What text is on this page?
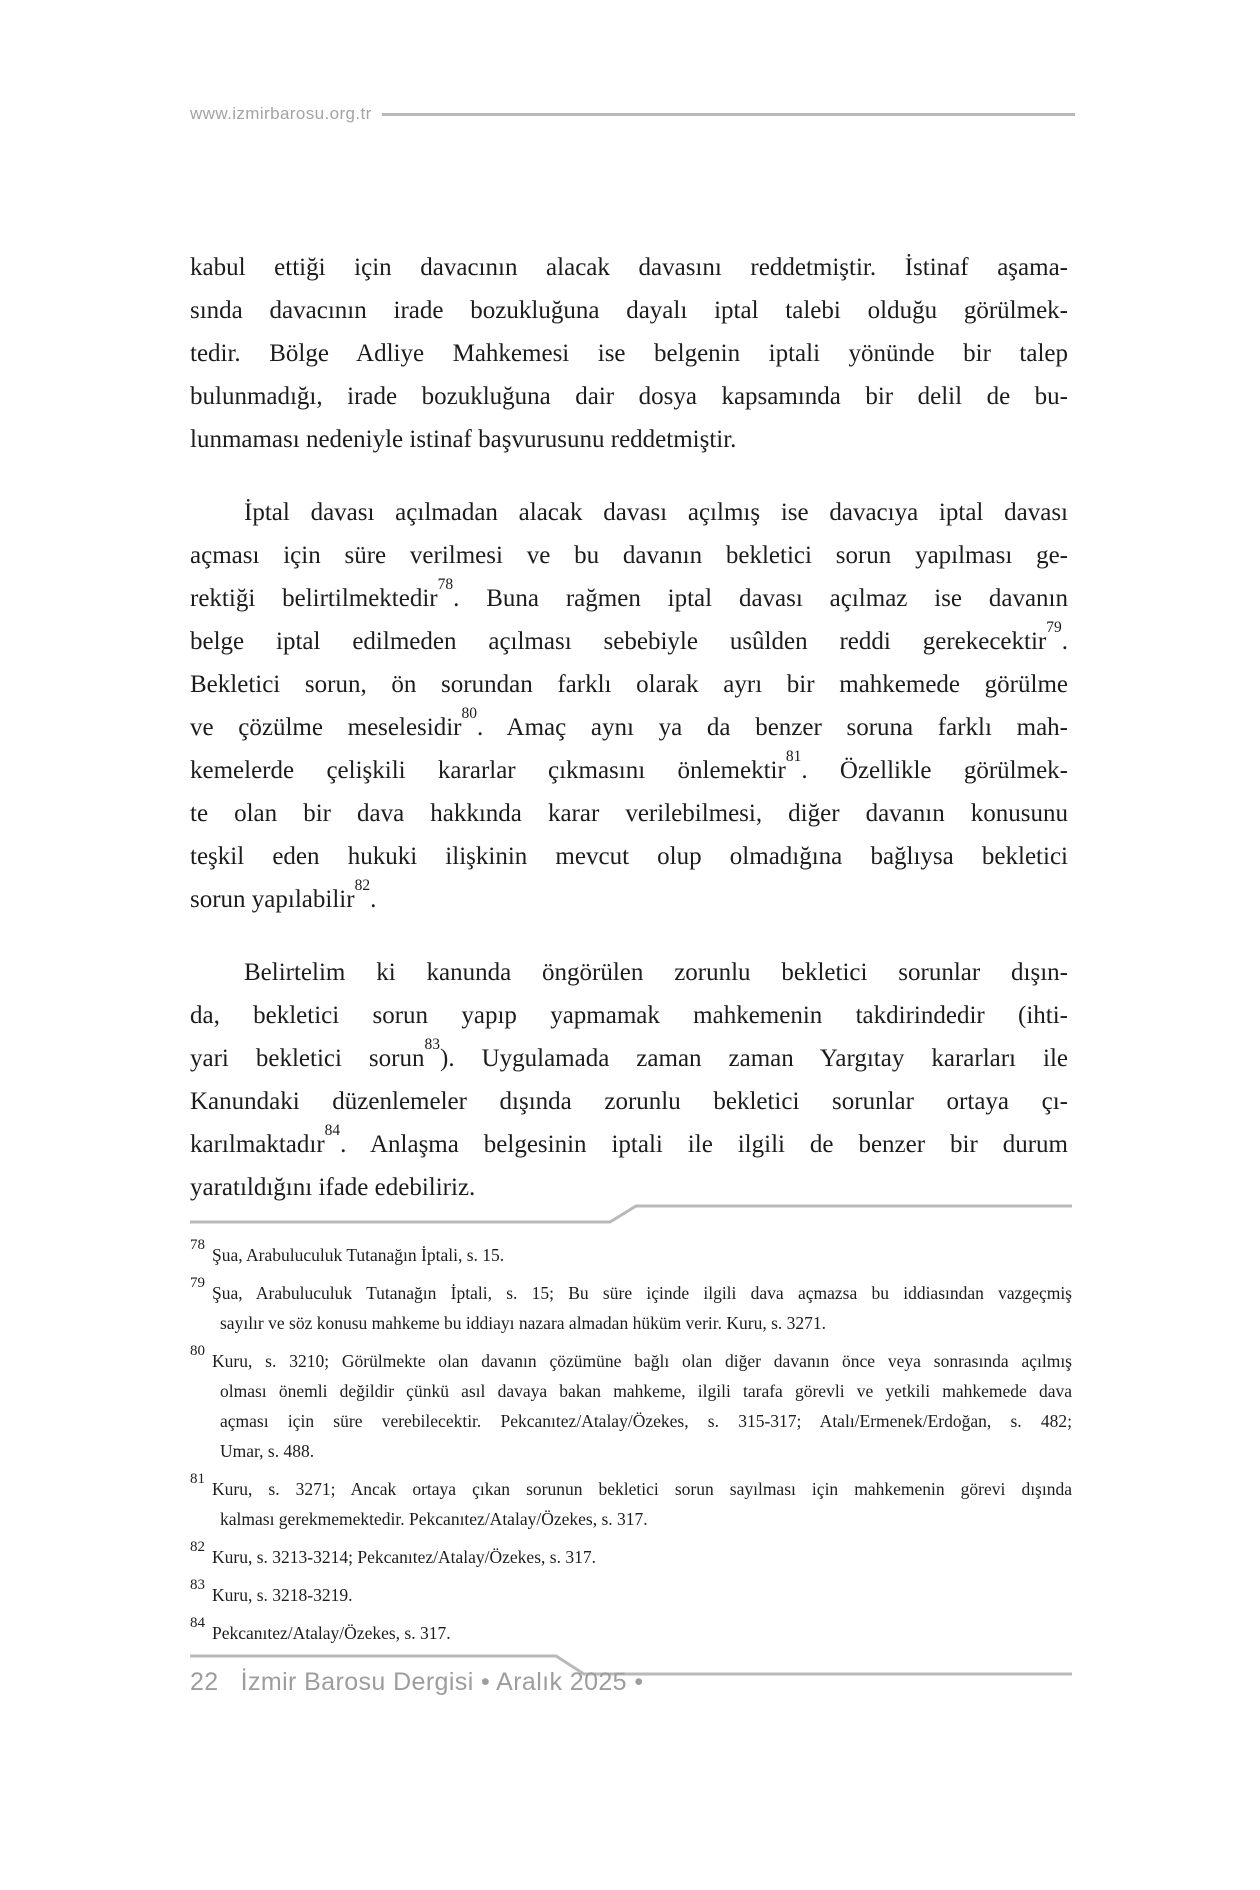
www.izmirbarosu.org.tr
kabul ettiği için davacının alacak davasını reddetmiştir. İstinaf aşama-
sında davacının irade bozukluğuna dayalı iptal talebi olduğu görülmek-
tedir. Bölge Adliye Mahkemesi ise belgenin iptali yönünde bir talep
bulunmadığı, irade bozukluğuna dair dosya kapsamında bir delil de bu-
lunmaması nedeniyle istinaf başvurusunu reddetmiştir.
İptal davası açılmadan alacak davası açılmış ise davacıya iptal davası
açması için süre verilmesi ve bu davanın bekletici sorun yapılması ge-
rektiği belirtilmektedir$^{78}$. Buna rağmen iptal davası açılmaz ise davanın
belge iptal edilmeden açılması sebebiyle usûlden reddi gerekecektir$^{79}$.
Bekletici sorun, ön sorundan farklı olarak ayrı bir mahkemede görülme
ve çözülme meselesidir$^{80}$. Amaç aynı ya da benzer soruna farklı mah-
kemelerde çelişkili kararlar çıkmasını önlemektir$^{81}$. Özellikle görülmek-
te olan bir dava hakkında karar verilebilmesi, diğer davanın konusunu
teşkil eden hukuki ilişkinin mevcut olup olmadığına bağlıysa bekletici
sorun yapılabilir$^{82}$.
Belirtelim ki kanunda öngörülen zorunlu bekletici sorunlar dışın-
da, bekletici sorun yapıp yapmamak mahkemenin takdirindedir (ihti-
yari bekletici sorun$^{83}$). Uygulamada zaman zaman Yargıtay kararları ile
Kanundaki düzenlemeler dışında zorunlu bekletici sorunlar ortaya çı-
karılmaktadır$^{84}$. Anlaşma belgesinin iptali ile ilgili de benzer bir durum
yaratıldığını ifade edebiliriz.
$^{78}$Şua, Arabuluculuk Tutanağın İptali, s. 15.
$^{79}$Şua, Arabuluculuk Tutanağın İptali, s. 15; Bu süre içinde ilgili dava açmazsa bu iddiasından vazgeçmiş
sayılır ve söz konusu mahkeme bu iddiayı nazara almadan hüküm verir. Kuru, s. 3271.
$^{80}$Kuru, s. 3210; Görülmekte olan davanın çözümüne bağlı olan diğer davanın önce veya sonrasında açılmış
olması önemli değildir çünkü asıl davaya bakan mahkeme, ilgili tarafa görevli ve yetkili mahkemede dava
açması için süre verebilecektir. Pekcanıtez/Atalay/Özekes, s. 315-317; Atalı/Ermenek/Erdoğan, s. 482;
Umar, s. 488.
$^{81}$Kuru, s. 3271; Ancak ortaya çıkan sorunun bekletici sorun sayılması için mahkemenin görevi dışında
kalması gerekmemektedir. Pekcanıtez/Atalay/Özekes, s. 317.
$^{82}$Kuru, s. 3213-3214; Pekcanıtez/Atalay/Özekes, s. 317.
$^{83}$Kuru, s. 3218-3219.
$^{84}$Pekcanıtez/Atalay/Özekes, s. 317.
22 İzmir Barosu Dergisi • Aralık 2025 •
